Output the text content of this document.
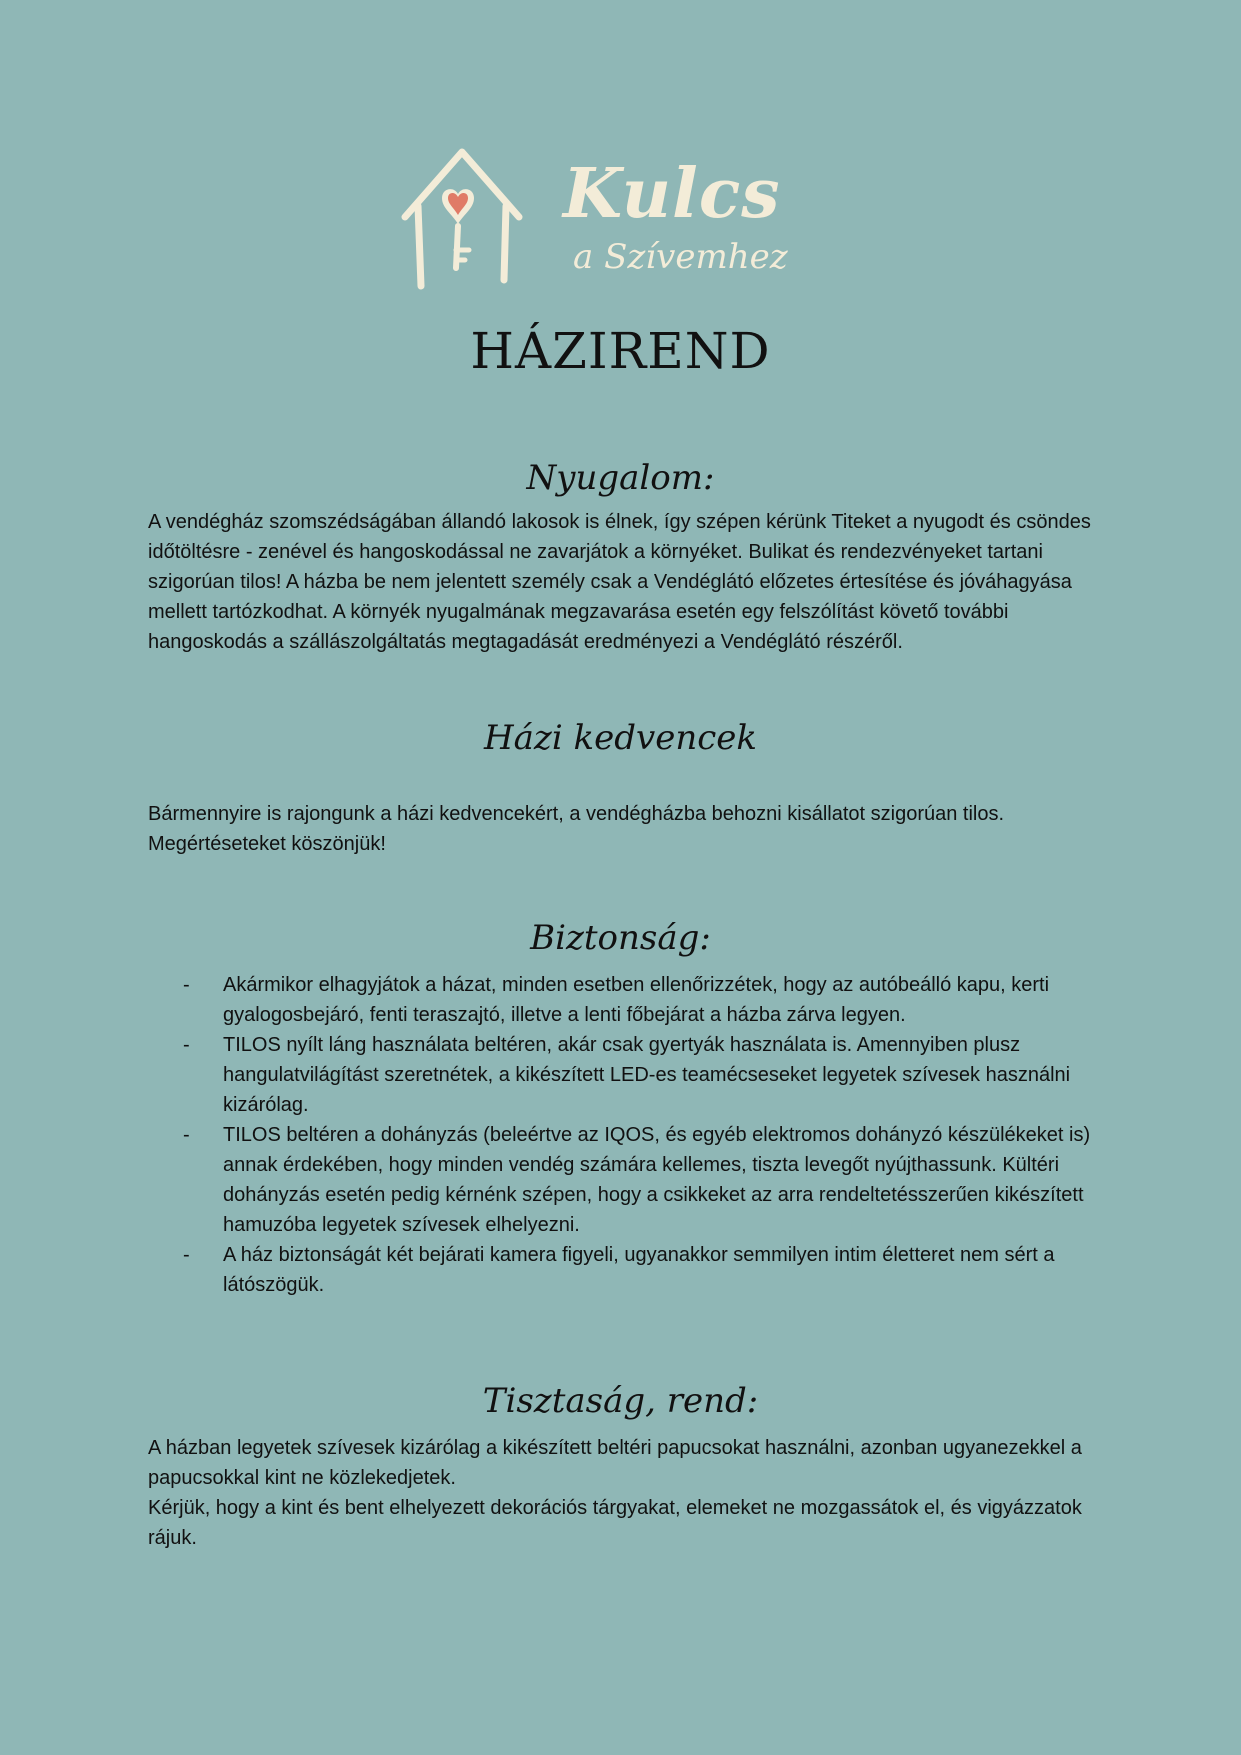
Kulcs
a Szívemhez
HÁZIREND
Nyugalom:

A vendégház szomszédságában állandó lakosok is élnek, így szépen kérünk Titeket a nyugodt és csöndes időtöltésre - zenével és hangoskodással ne zavarjátok a környéket. Bulikat és rendezvényeket tartani szigorúan tilos! A házba be nem jelentett személy csak a Vendéglátó előzetes értesítése és jóváhagyása mellett tartózkodhat. A környék nyugalmának megzavarása esetén egy felszólítást követő további hangoskodás a szállászolgáltatás megtagadását eredményezi a Vendéglátó részéről.

Házi kedvencek

Bármennyire is rajongunk a házi kedvencekért, a vendégházba behozni kisállatot szigorúan tilos. Megértéseteket köszönjük!

Biztonság:
- Akármikor elhagyjátok a házat, minden esetben ellenőrizzétek, hogy az autóbeálló kapu, kerti gyalogosbejáró, fenti teraszajtó, illetve a lenti főbejárat a házba zárva legyen.
- TILOS nyílt láng használata beltéren, akár csak gyertyák használata is. Amennyiben plusz hangulatvilágítást szeretnétek, a kikészített LED-es teamécseseket legyetek szívesek használni kizárólag.
- TILOS beltéren a dohányzás (beleértve az IQOS, és egyéb elektromos dohányzó készülékeket is) annak érdekében, hogy minden vendég számára kellemes, tiszta levegőt nyújthassunk. Kültéri dohányzás esetén pedig kérnénk szépen, hogy a csikkeket az arra rendeltetésszerűen kikészített hamuzóba legyetek szívesek elhelyezni.
- A ház biztonságát két bejárati kamera figyeli, ugyanakkor semmilyen intim életteret nem sért a látószögük.
Tisztaság, rend:

A házban legyetek szívesek kizárólag a kikészített beltéri papucsokat használni, azonban ugyanezekkel a papucsokkal kint ne közlekedjetek.

Kérjük, hogy a kint és bent elhelyezett dekorációs tárgyakat, elemeket ne mozgassátok el, és vigyázzatok rájuk.
